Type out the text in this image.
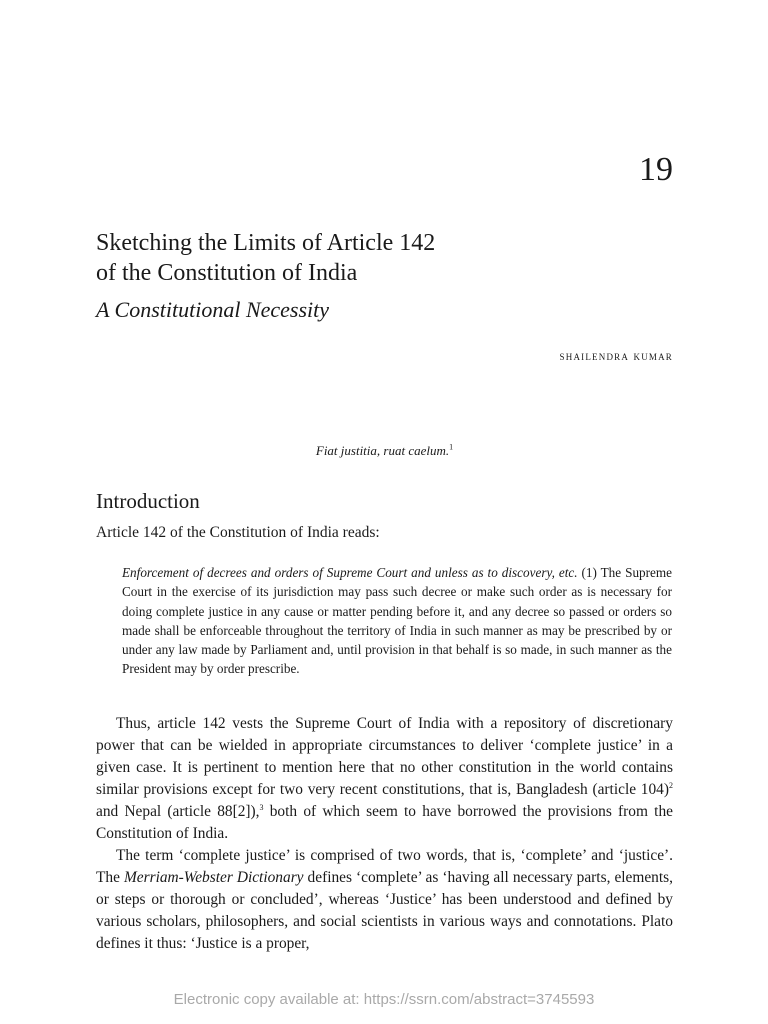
19
Sketching the Limits of Article 142
of the Constitution of India
A Constitutional Necessity
shailendra kumar
Fiat justitia, ruat caelum.$^1$
Introduction
Article 142 of the Constitution of India reads:
Enforcement of decrees and orders of Supreme Court and unless as to discovery, etc. (1) The Supreme Court in the exercise of its jurisdiction may pass such decree or make such order as is necessary for doing complete justice in any cause or matter pending before it, and any decree so passed or orders so made shall be enforceable throughout the territory of India in such manner as may be prescribed by or under any law made by Parliament and, until provision in that behalf is so made, in such manner as the President may by order prescribe.

Thus, article 142 vests the Supreme Court of India with a repository of discretionary power that can be wielded in appropriate circumstances to deliver ‘complete justice’ in a given case. It is pertinent to mention here that no other constitution in the world contains similar provisions except for two very recent constitutions, that is, Bangladesh (article 104)$^2$ and Nepal (article 88[2]),$^3$ both of which seem to have borrowed the provisions from the Constitution of India.

The term ‘complete justice’ is comprised of two words, that is, ‘complete’ and ‘justice’. The Merriam-Webster Dictionary defines ‘complete’ as ‘having all necessary parts, elements, or steps or thorough or concluded’, whereas ‘Justice’ has been understood and defined by various scholars, philosophers, and social scientists in various ways and connotations. Plato defines it thus: ‘Justice is a proper,

Electronic copy available at: https://ssrn.com/abstract=3745593
